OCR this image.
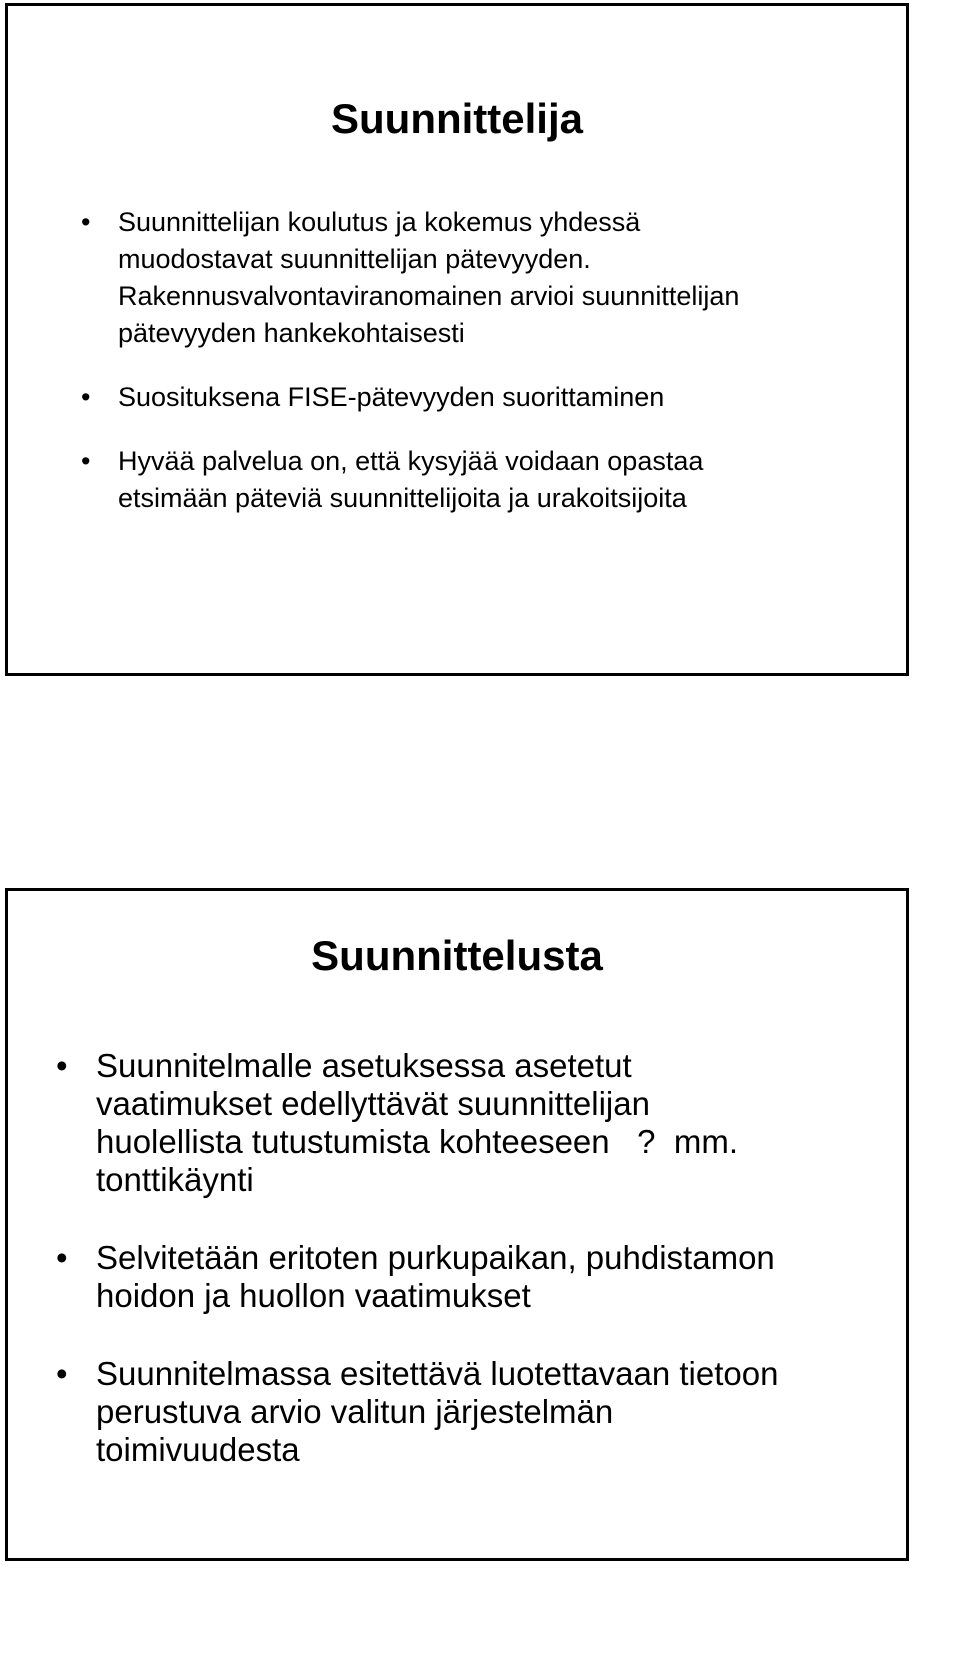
Suunnittelija
• Suunnittelijan koulutus ja kokemus yhdessä
muodostavat suunnittelijan pätevyyden.
Rakennusvalvontaviranomainen arvioi suunnittelijan
pätevyyden hankekohtaisesti
• Suosituksena FISE-pätevyyden suorittaminen
• Hyvää palvelua on, että kysyjää voidaan opastaa
etsimään päteviä suunnittelijoita ja urakoitsijoita
Suunnittelusta
• Suunnitelmalle asetuksessa asetetut
vaatimukset edellyttävät suunnittelijan
huolellista tutustumista kohteeseen   ?  mm.
tonttikäynti
• Selvitetään eritoten purkupaikan, puhdistamon
hoidon ja huollon vaatimukset
• Suunnitelmassa esitettävä luotettavaan tietoon
perustuva arvio valitun järjestelmän
toimivuudesta
